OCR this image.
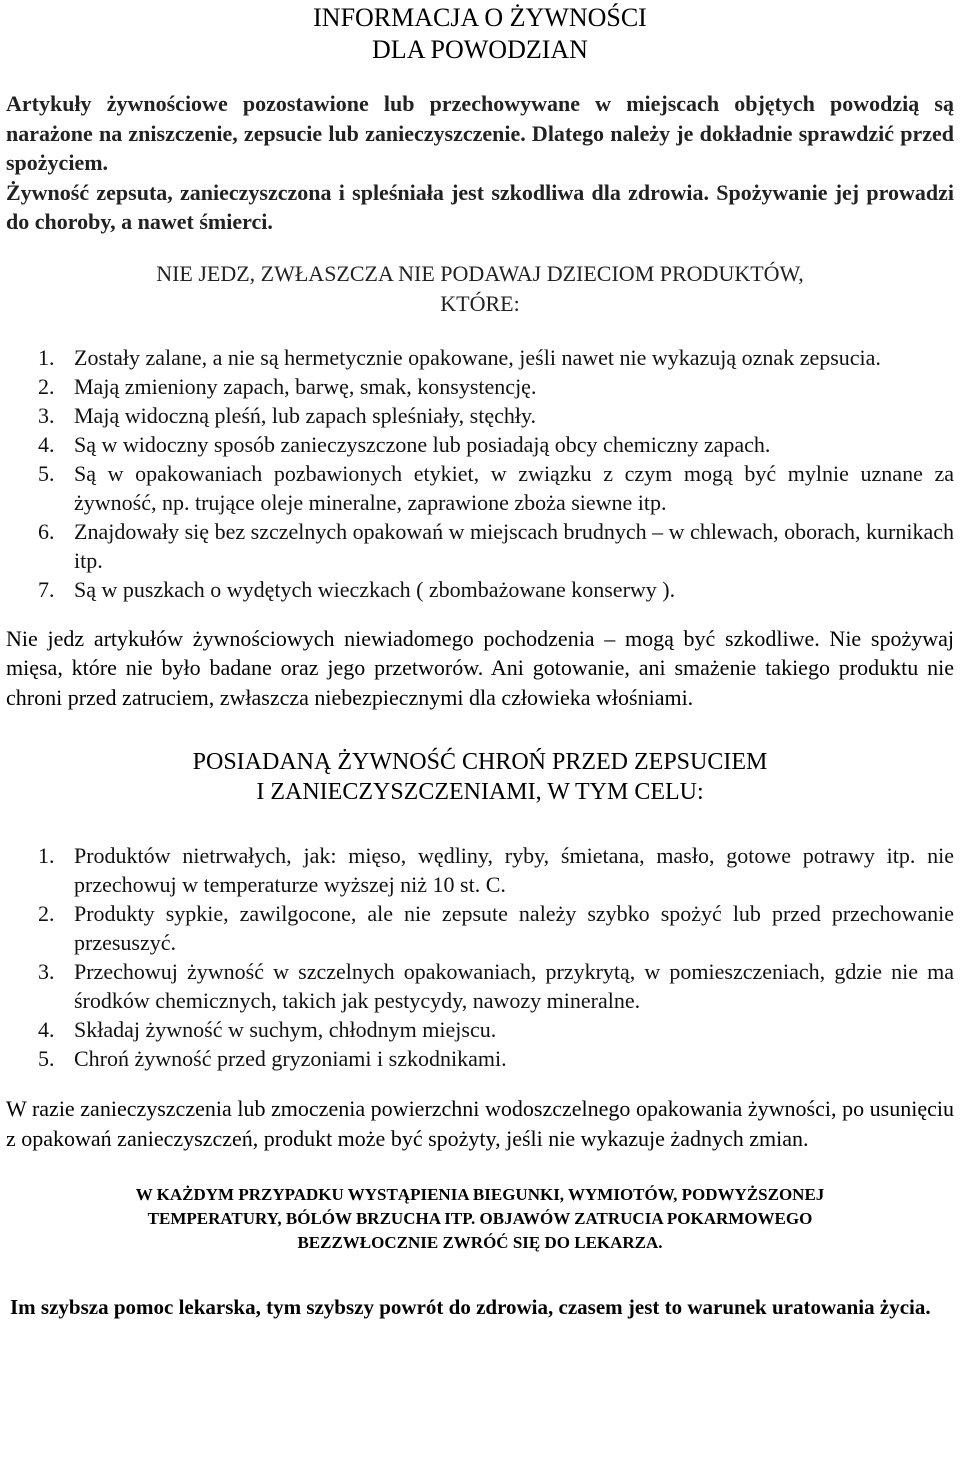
INFORMACJA O ŻYWNOŚCI
DLA POWODZIAN
Artykuły żywnościowe pozostawione lub przechowywane w miejscach objętych powodzią są narażone na zniszczenie, zepsucie lub zanieczyszczenie. Dlatego należy je dokładnie sprawdzić przed spożyciem.
Żywność zepsuta, zanieczyszczona i spleśniała jest szkodliwa dla zdrowia. Spożywanie jej prowadzi do choroby, a nawet śmierci.
NIE JEDZ, ZWŁASZCZA NIE PODAWAJ DZIECIOM PRODUKTÓW,
KTÓRE:
1. Zostały zalane, a nie są hermetycznie opakowane, jeśli nawet nie wykazują oznak zepsucia.
2. Mają zmieniony zapach, barwę, smak, konsystencję.
3. Mają widoczną pleśń, lub zapach spleśniały, stęchły.
4. Są w widoczny sposób zanieczyszczone lub posiadają obcy chemiczny zapach.
5. Są w opakowaniach pozbawionych etykiet, w związku z czym mogą być mylnie uznane za żywność, np. trujące oleje mineralne, zaprawione zboża siewne itp.
6. Znajdowały się bez szczelnych opakowań w miejscach brudnych – w chlewach, oborach, kurnikach itp.
7. Są w puszkach o wydętych wieczkach ( zbombażowane konserwy ).

Nie jedz artykułów żywnościowych niewiadomego pochodzenia – mogą być szkodliwe. Nie spożywaj mięsa, które nie było badane oraz jego przetworów. Ani gotowanie, ani smażenie takiego produktu nie chroni przed zatruciem, zwłaszcza niebezpiecznymi dla człowieka włośniami.

POSIADANĄ ŻYWNOŚĆ CHROŃ PRZED ZEPSUCIEM
I ZANIECZYSZCZENIAMI, W TYM CELU:
1. Produktów nietrwałych, jak: mięso, wędliny, ryby, śmietana, masło, gotowe potrawy itp. nie przechowuj w temperaturze wyższej niż 10 st. C.
2. Produkty sypkie, zawilgocone, ale nie zepsute należy szybko spożyć lub przed przechowanie przesuszyć.
3. Przechowuj żywność w szczelnych opakowaniach, przykrytą, w pomieszczeniach, gdzie nie ma środków chemicznych, takich jak pestycydy, nawozy mineralne.
4. Składaj żywność w suchym, chłodnym miejscu.
5. Chroń żywność przed gryzoniami i szkodnikami.

W razie zanieczyszczenia lub zmoczenia powierzchni wodoszczelnego opakowania żywności, po usunięciu z opakowań zanieczyszczeń, produkt może być spożyty, jeśli nie wykazuje żadnych zmian.

W KAŻDYM PRZYPADKU WYSTĄPIENIA BIEGUNKI, WYMIOTÓW, PODWYŻSZONEJ
TEMPERATURY, BÓLÓW BRZUCHA ITP. OBJAWÓW ZATRUCIA POKARMOWEGO
BEZZWŁOCZNIE ZWRÓĆ SIĘ DO LEKARZA.

Im szybsza pomoc lekarska, tym szybszy powrót do zdrowia, czasem jest to warunek uratowania życia.
